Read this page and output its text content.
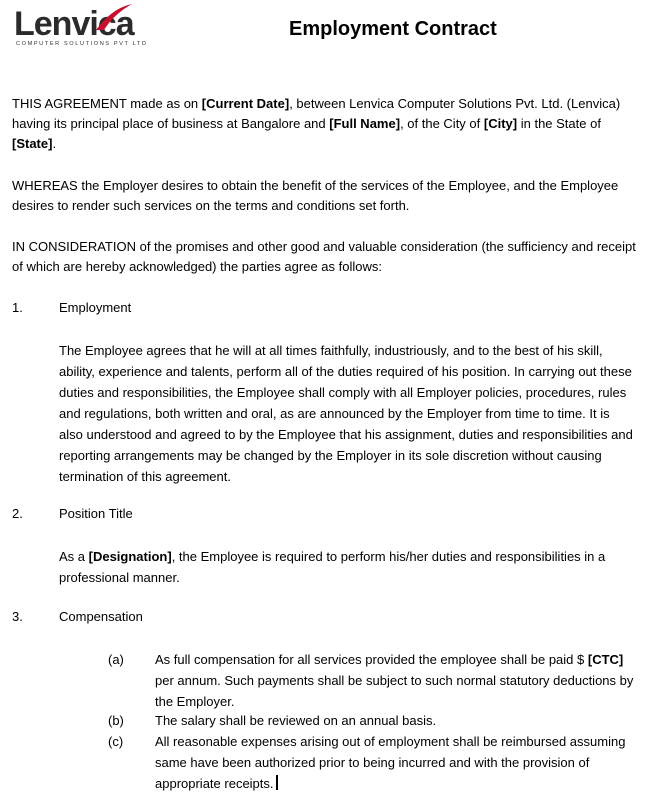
Lenvica
COMPUTER SOLUTIONS PVT LTD
Employment Contract

THIS AGREEMENT made as on [Current Date], between Lenvica Computer Solutions Pvt. Ltd. (Lenvica) having its principal place of business at Bangalore and [Full Name], of the City of [City] in the State of [State].

WHEREAS the Employer desires to obtain the benefit of the services of the Employee, and the Employee desires to render such services on the terms and conditions set forth.

IN CONSIDERATION of the promises and other good and valuable consideration (the sufficiency and receipt of which are hereby acknowledged) the parties agree as follows:

1.	Employment

The Employee agrees that he will at all times faithfully, industriously, and to the best of his skill, ability, experience and talents, perform all of the duties required of his position. In carrying out these duties and responsibilities, the Employee shall comply with all Employer policies, procedures, rules and regulations, both written and oral, as are announced by the Employer from time to time. It is also understood and agreed to by the Employee that his assignment, duties and responsibilities and reporting arrangements may be changed by the Employer in its sole discretion without causing termination of this agreement.

2.	Position Title

As a [Designation], the Employee is required to perform his/her duties and responsibilities in a professional manner.

3.	Compensation
(a) As full compensation for all services provided the employee shall be paid $ [CTC] per annum. Such payments shall be subject to such normal statutory deductions by the Employer.

(b) The salary shall be reviewed on an annual basis.

(c) All reasonable expenses arising out of employment shall be reimbursed assuming same have been authorized prior to being incurred and with the provision of appropriate receipts.
